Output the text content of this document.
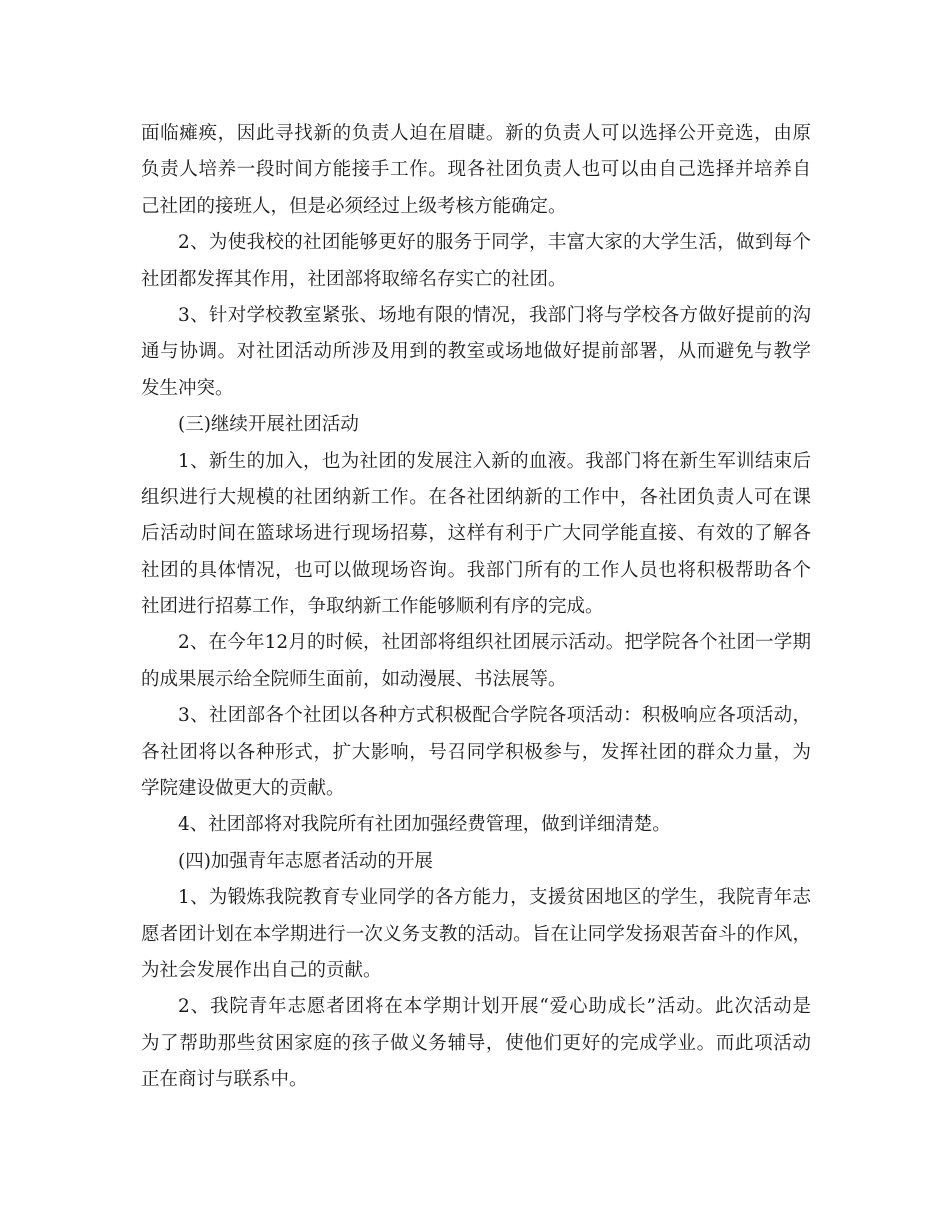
面临瘫痪，因此寻找新的负责人迫在眉睫。新的负责人可以选择公开竞选，由原
负责人培养一段时间方能接手工作。现各社团负责人也可以由自己选择并培养自
己社团的接班人，但是必须经过上级考核方能确定。
2、为使我校的社团能够更好的服务于同学，丰富大家的大学生活，做到每个
社团都发挥其作用，社团部将取缔名存实亡的社团。
3、针对学校教室紧张、场地有限的情况，我部门将与学校各方做好提前的沟
通与协调。对社团活动所涉及用到的教室或场地做好提前部署，从而避免与教学
发生冲突。
(三)继续开展社团活动
1、新生的加入，也为社团的发展注入新的血液。我部门将在新生军训结束后
组织进行大规模的社团纳新工作。在各社团纳新的工作中，各社团负责人可在课
后活动时间在篮球场进行现场招募，这样有利于广大同学能直接、有效的了解各
社团的具体情况，也可以做现场咨询。我部门所有的工作人员也将积极帮助各个
社团进行招募工作，争取纳新工作能够顺利有序的完成。
2、在今年12月的时候，社团部将组织社团展示活动。把学院各个社团一学期
的成果展示给全院师生面前，如动漫展、书法展等。
3、社团部各个社团以各种方式积极配合学院各项活动：积极响应各项活动，
各社团将以各种形式，扩大影响，号召同学积极参与，发挥社团的群众力量，为
学院建设做更大的贡献。
4、社团部将对我院所有社团加强经费管理，做到详细清楚。
(四)加强青年志愿者活动的开展
1、为锻炼我院教育专业同学的各方能力，支援贫困地区的学生，我院青年志
愿者团计划在本学期进行一次义务支教的活动。旨在让同学发扬艰苦奋斗的作风，
为社会发展作出自己的贡献。
2、我院青年志愿者团将在本学期计划开展“爱心助成长”活动。此次活动是
为了帮助那些贫困家庭的孩子做义务辅导，使他们更好的完成学业。而此项活动
正在商讨与联系中。
